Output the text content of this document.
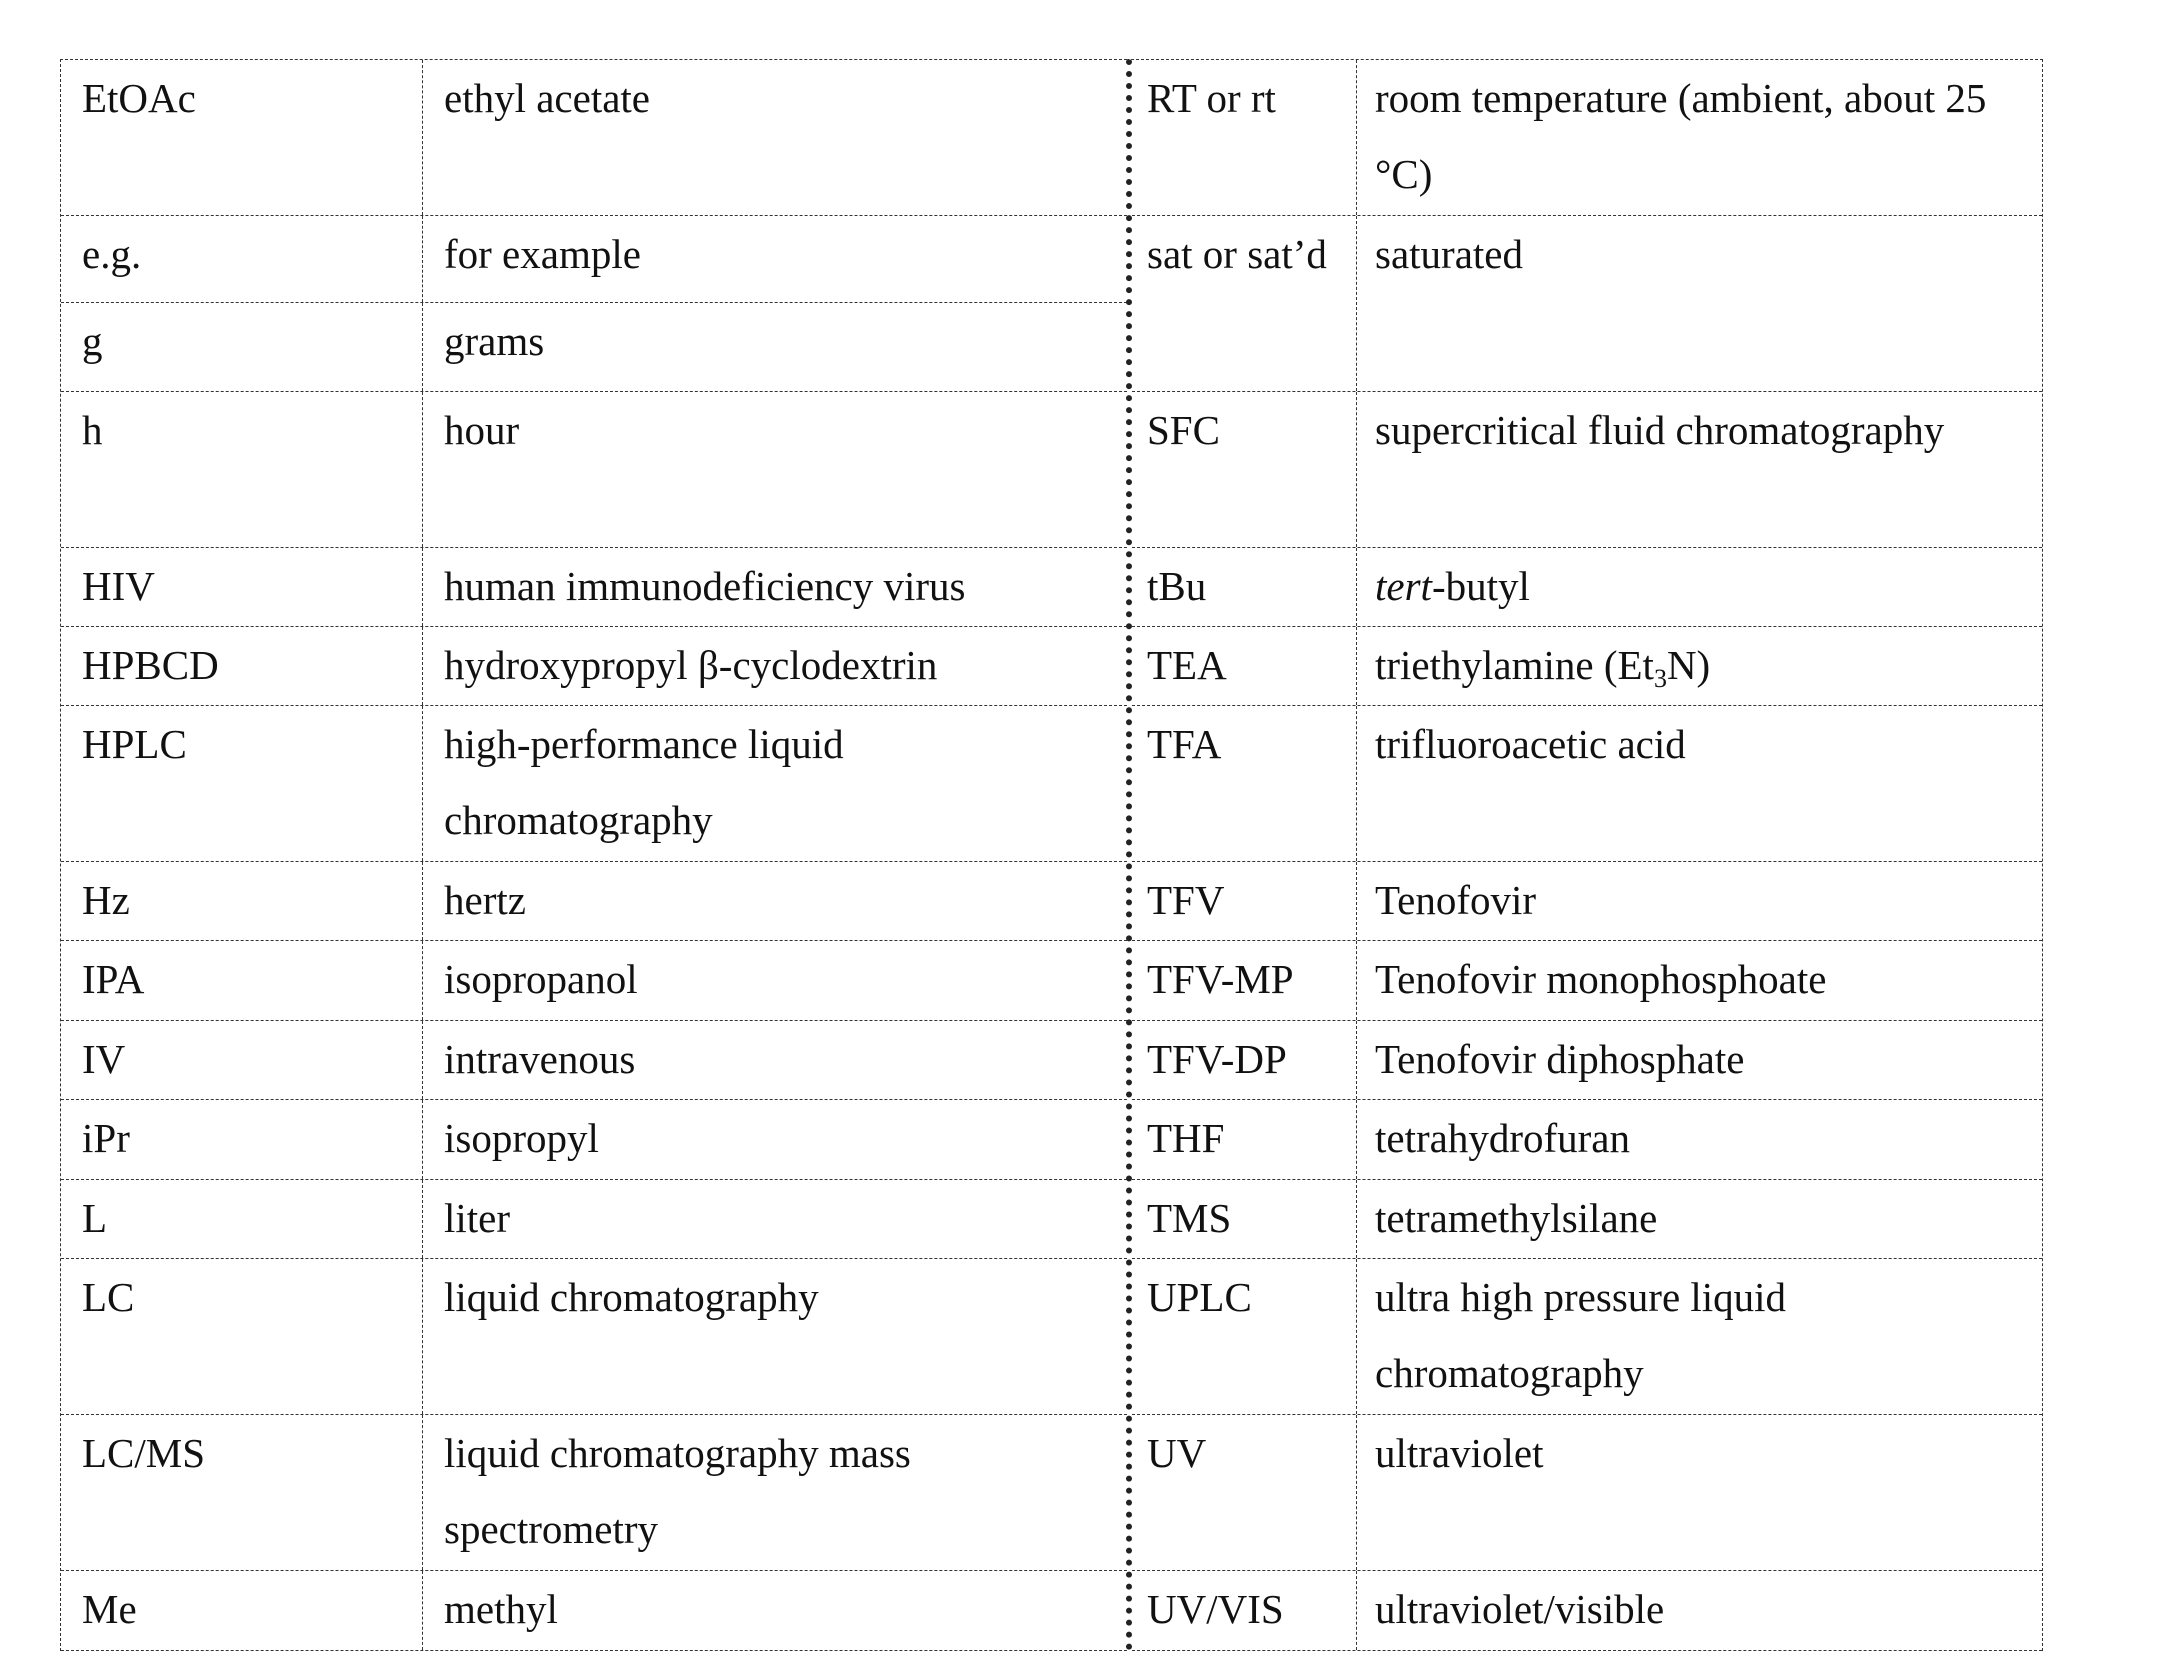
EtOAc	ethyl acetate
e.g.	for example
g	grams
h	hour
HIV	human immunodeficiency virus
HPBCD	hydroxypropyl β-cyclodextrin
HPLC	high-performance liquid chromatography
Hz	hertz
IPA	isopropanol
IV	intravenous
iPr	isopropyl
L	liter
LC	liquid chromatography
LC/MS	liquid chromatography mass spectrometry
Me	methyl
RT or rt	room temperature (ambient, about 25 °C)
sat or sat’d	saturated
SFC	supercritical fluid chromatography
tBu	tert-butyl
TEA	triethylamine (Et3N)
TFA	trifluoroacetic acid
TFV	Tenofovir
TFV-MP	Tenofovir monophosphoate
TFV-DP	Tenofovir diphosphate
THF	tetrahydrofuran
TMS	tetramethylsilane
UPLC	ultra high pressure liquid chromatography
UV	ultraviolet
UV/VIS	ultraviolet/visible
